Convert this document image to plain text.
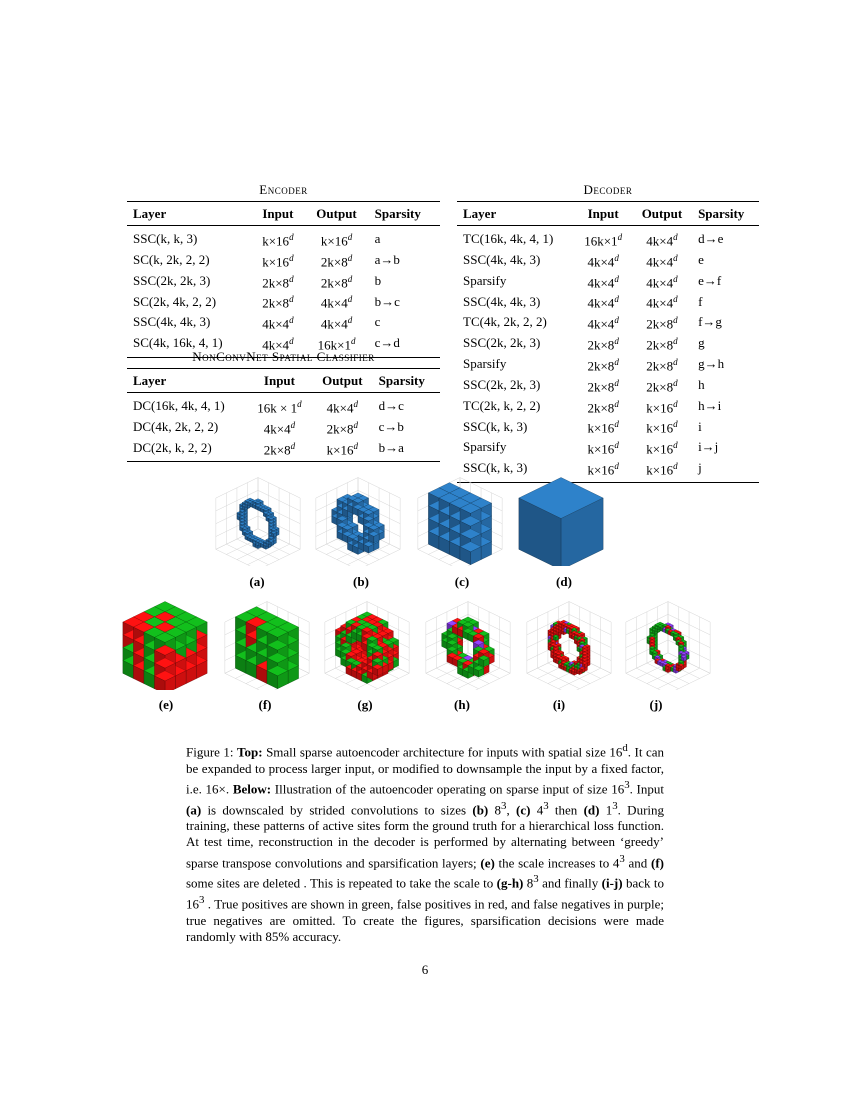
Encoder
Layer	Input	Output	Sparsity
SSC(k, k, 3)	$k\times 16^d$	$k\times 16^d$	a
SC(k, 2k, 2, 2)	$k\times 16^d$	$2k\times 8^d$	a→b
SSC(2k, 2k, 3)	$2k\times 8^d$	$2k\times 8^d$	b
SC(2k, 4k, 2, 2)	$2k\times 8^d$	$4k\times 4^d$	b→c
SSC(4k, 4k, 3)	$4k\times 4^d$	$4k\times 4^d$	c
SC(4k, 16k, 4, 1)	$4k\times 4^d$	$16k\times 1^d$	c→d
NonConvNet Spatial Classifier
Layer	Input	Output	Sparsity
DC(16k, 4k, 4, 1)	$16k \times 1^d$	$4k\times 4^d$	d→c
DC(4k, 2k, 2, 2)	$4k\times 4^d$	$2k\times 8^d$	c→b
DC(2k, k, 2, 2)	$2k\times 8^d$	$k\times 16^d$	b→a
Decoder
Layer	Input	Output	Sparsity
TC(16k, 4k, 4, 1)	$16k\times 1^d$	$4k\times 4^d$	d→e
SSC(4k, 4k, 3)	$4k\times 4^d$	$4k\times 4^d$	e
Sparsify	$4k\times 4^d$	$4k\times 4^d$	e→f
SSC(4k, 4k, 3)	$4k\times 4^d$	$4k\times 4^d$	f
TC(4k, 2k, 2, 2)	$4k\times 4^d$	$2k\times 8^d$	f→g
SSC(2k, 2k, 3)	$2k\times 8^d$	$2k\times 8^d$	g
Sparsify	$2k\times 8^d$	$2k\times 8^d$	g→h
SSC(2k, 2k, 3)	$2k\times 8^d$	$2k\times 8^d$	h
TC(2k, k, 2, 2)	$2k\times 8^d$	$k\times 16^d$	h→i
SSC(k, k, 3)	$k\times 16^d$	$k\times 16^d$	i
Sparsify	$k\times 16^d$	$k\times 16^d$	i→j
SSC(k, k, 3)	$k\times 16^d$	$k\times 16^d$	j
(a)	(b)	(c)	(d)
(e)	(f)	(g)	(h)	(i)	(j)
Figure 1: Top: Small sparse autoencoder architecture for inputs with spatial size 16$^d$. It can be expanded to process larger input, or modified to downsample the input by a fixed factor, i.e. 16×. Below: Illustration of the autoencoder operating on sparse input of size $16^3$. Input (a) is downscaled by strided convolutions to sizes (b) $8^3$, (c) $4^3$ then (d) $1^3$. During training, these patterns of active sites form the ground truth for a hierarchical loss function. At test time, reconstruction in the decoder is performed by alternating between ‘greedy’ sparse transpose convolutions and sparsification layers; (e) the scale increases to $4^3$ and (f) some sites are deleted . This is repeated to take the scale to (g-h) $8^3$ and finally (i-j) back to $16^3$ . True positives are shown in green, false positives in red, and false negatives in purple; true negatives are omitted. To create the figures, sparsification decisions were made randomly with 85% accuracy.
6
